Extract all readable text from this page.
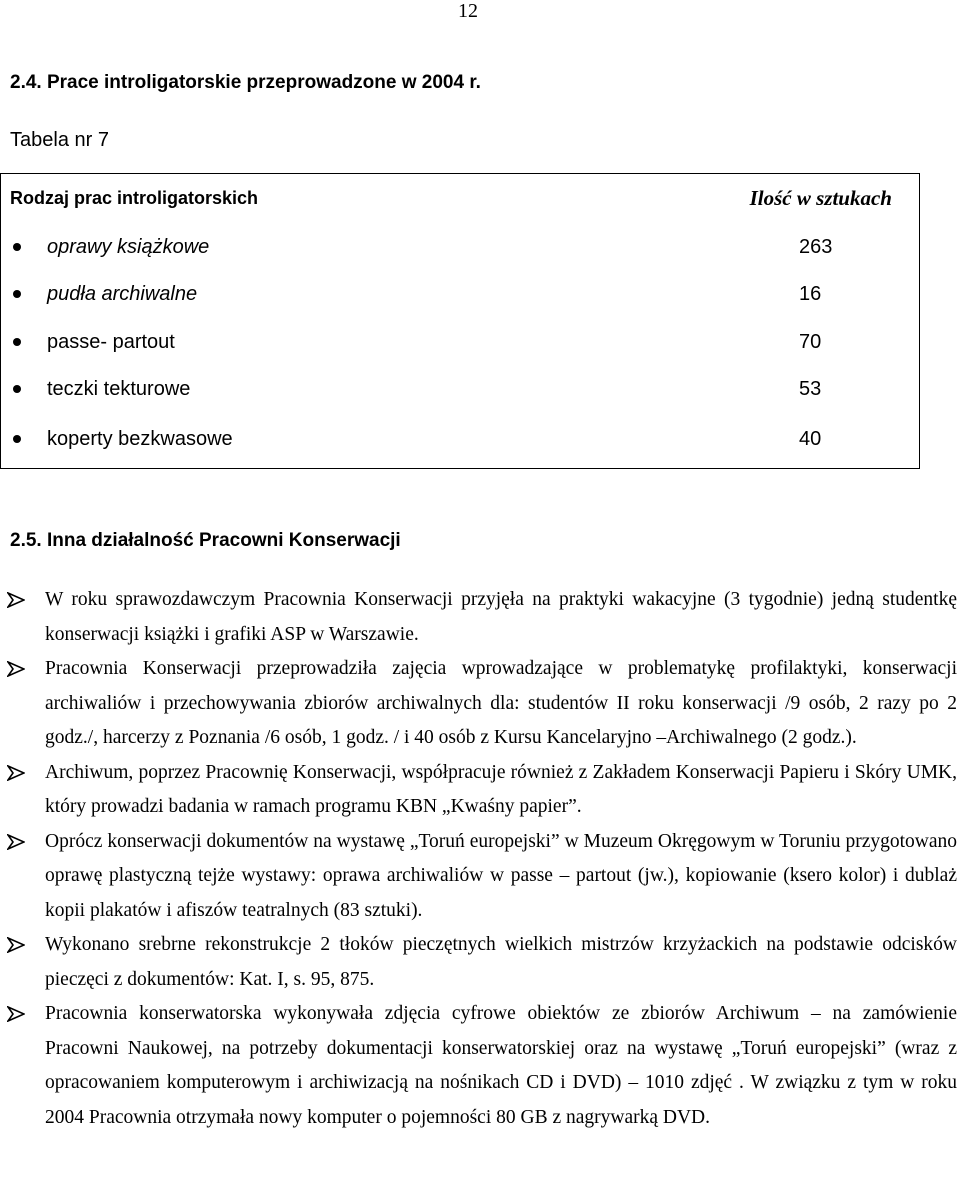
12
2.4. Prace introligatorskie przeprowadzone w 2004 r.
Tabela nr 7
Rodzaj prac introligatorskich	Ilość w sztukach
oprawy książkowe	263
pudła archiwalne	16
passe- partout	70
teczki tekturowe	53
koperty bezkwasowe	40
2.5. Inna działalność Pracowni Konserwacji
W roku sprawozdawczym Pracownia Konserwacji przyjęła na praktyki wakacyjne (3 tygodnie) jedną studentkę konserwacji książki i grafiki ASP w Warszawie.
Pracownia Konserwacji przeprowadziła zajęcia wprowadzające w problematykę profilaktyki, konserwacji archiwaliów i przechowywania zbiorów archiwalnych dla: studentów II roku konserwacji /9 osób, 2 razy po 2 godz./, harcerzy z Poznania /6 osób, 1 godz. / i 40 osób z Kursu Kancelaryjno –Archiwalnego (2 godz.).
Archiwum, poprzez Pracownię Konserwacji, współpracuje również z Zakładem Konserwacji Papieru i Skóry UMK, który prowadzi badania w ramach programu KBN „Kwaśny papier”.
Oprócz konserwacji dokumentów na wystawę „Toruń europejski” w Muzeum Okręgowym w Toruniu przygotowano oprawę plastyczną tejże wystawy: oprawa archiwaliów w passe – partout (jw.), kopiowanie (ksero kolor) i dublaż kopii plakatów i afiszów teatralnych (83 sztuki).
Wykonano srebrne rekonstrukcje 2 tłoków pieczętnych wielkich mistrzów krzyżackich na podstawie odcisków pieczęci z dokumentów: Kat. I, s. 95, 875.
Pracownia konserwatorska wykonywała zdjęcia cyfrowe obiektów ze zbiorów Archiwum – na zamówienie Pracowni Naukowej, na potrzeby dokumentacji konserwatorskiej oraz na wystawę „Toruń europejski” (wraz z opracowaniem komputerowym i archiwizacją na nośnikach CD i DVD) – 1010 zdjęć . W związku z tym w roku 2004 Pracownia otrzymała nowy komputer o pojemności 80 GB z nagrywarką DVD.
